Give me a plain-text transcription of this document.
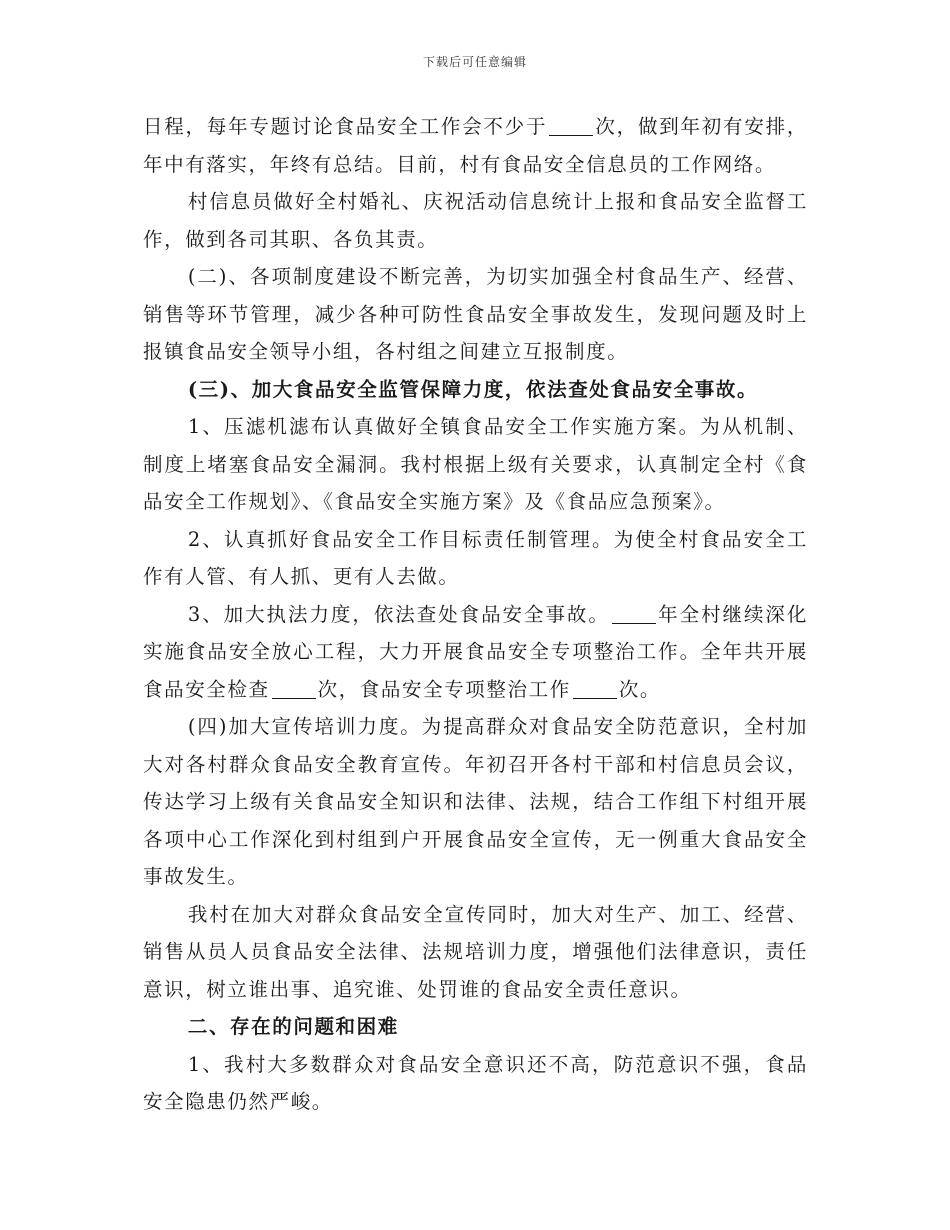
下载后可任意编辑

日程，每年专题讨论食品安全工作会不少于 次，做到年初有安排，年中有落实，年终有总结。目前，村有食品安全信息员的工作网络。

村信息员做好全村婚礼、庆祝活动信息统计上报和食品安全监督工作，做到各司其职、各负其责。

(二)、各项制度建设不断完善，为切实加强全村食品生产、经营、销售等环节管理，减少各种可防性食品安全事故发生，发现问题及时上报镇食品安全领导小组，各村组之间建立互报制度。

(三)、加大食品安全监管保障力度，依法查处食品安全事故。

1、压滤机滤布认真做好全镇食品安全工作实施方案。为从机制、制度上堵塞食品安全漏洞。我村根据上级有关要求，认真制定全村《食品安全工作规划》、《食品安全实施方案》及《食品应急预案》。

2、认真抓好食品安全工作目标责任制管理。为使全村食品安全工作有人管、有人抓、更有人去做。

3、加大执法力度，依法查处食品安全事故。 年全村继续深化实施食品安全放心工程，大力开展食品安全专项整治工作。全年共开展食品安全检查 次，食品安全专项整治工作 次。

(四)加大宣传培训力度。为提高群众对食品安全防范意识，全村加大对各村群众食品安全教育宣传。年初召开各村干部和村信息员会议，传达学习上级有关食品安全知识和法律、法规，结合工作组下村组开展各项中心工作深化到村组到户开展食品安全宣传，无一例重大食品安全事故发生。

我村在加大对群众食品安全宣传同时，加大对生产、加工、经营、销售从员人员食品安全法律、法规培训力度，增强他们法律意识，责任意识，树立谁出事、追究谁、处罚谁的食品安全责任意识。

二、存在的问题和困难

1、我村大多数群众对食品安全意识还不高，防范意识不强，食品安全隐患仍然严峻。
